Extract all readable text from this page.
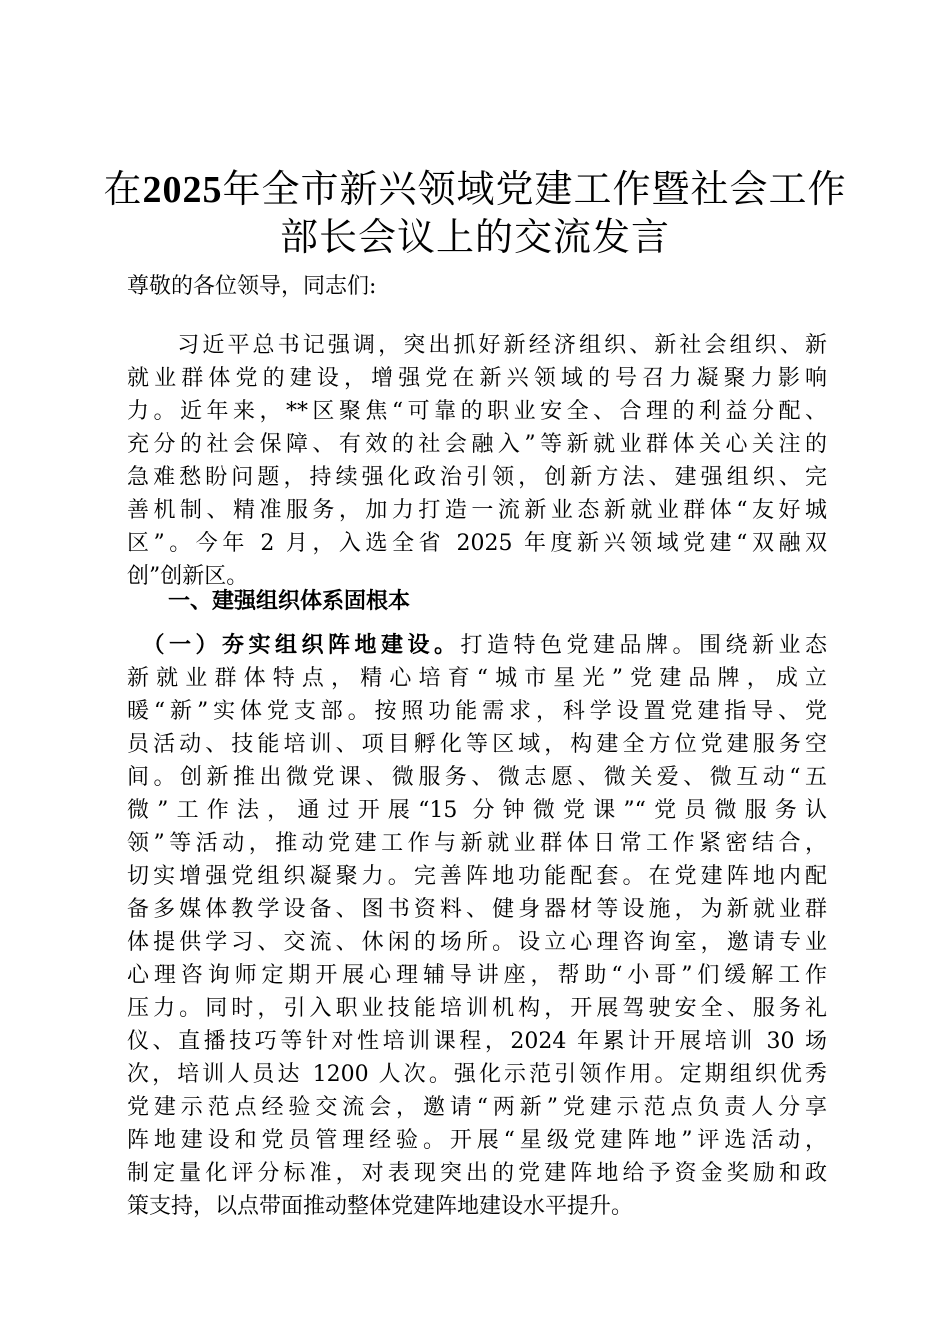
在2025年全市新兴领域党建工作暨社会工作
部长会议上的交流发言
尊敬的各位领导，同志们:
　　习近平总书记强调，突出抓好新经济组织、新社会组织、新
就业群体党的建设，增强党在新兴领域的号召力凝聚力影响
力。近年来，**区聚焦“可靠的职业安全、合理的利益分配、
充分的社会保障、有效的社会融入”等新就业群体关心关注的
急难愁盼问题，持续强化政治引领，创新方法、建强组织、完
善机制、精准服务，加力打造一流新业态新就业群体“友好城
区”。今年 2 月，入选全省 2025 年度新兴领域党建“双融双
创”创新区。
一、建强组织体系固根本
　（一）夯实组织阵地建设。打造特色党建品牌。围绕新业态
新就业群体特点，精心培育“城市星光”党建品牌，成立
暖“新”实体党支部。按照功能需求，科学设置党建指导、党
员活动、技能培训、项目孵化等区域，构建全方位党建服务空
间。创新推出微党课、微服务、微志愿、微关爱、微互动“五
微”工作法，通过开展“15 分钟微党课”“党员微服务认
领”等活动，推动党建工作与新就业群体日常工作紧密结合，
切实增强党组织凝聚力。完善阵地功能配套。在党建阵地内配
备多媒体教学设备、图书资料、健身器材等设施，为新就业群
体提供学习、交流、休闲的场所。设立心理咨询室，邀请专业
心理咨询师定期开展心理辅导讲座，帮助“小哥”们缓解工作
压力。同时，引入职业技能培训机构，开展驾驶安全、服务礼
仪、直播技巧等针对性培训课程，2024 年累计开展培训 30 场
次，培训人员达 1200 人次。强化示范引领作用。定期组织优秀
党建示范点经验交流会，邀请“两新”党建示范点负责人分享
阵地建设和党员管理经验。开展“星级党建阵地”评选活动，
制定量化评分标准，对表现突出的党建阵地给予资金奖励和政
策支持，以点带面推动整体党建阵地建设水平提升。
